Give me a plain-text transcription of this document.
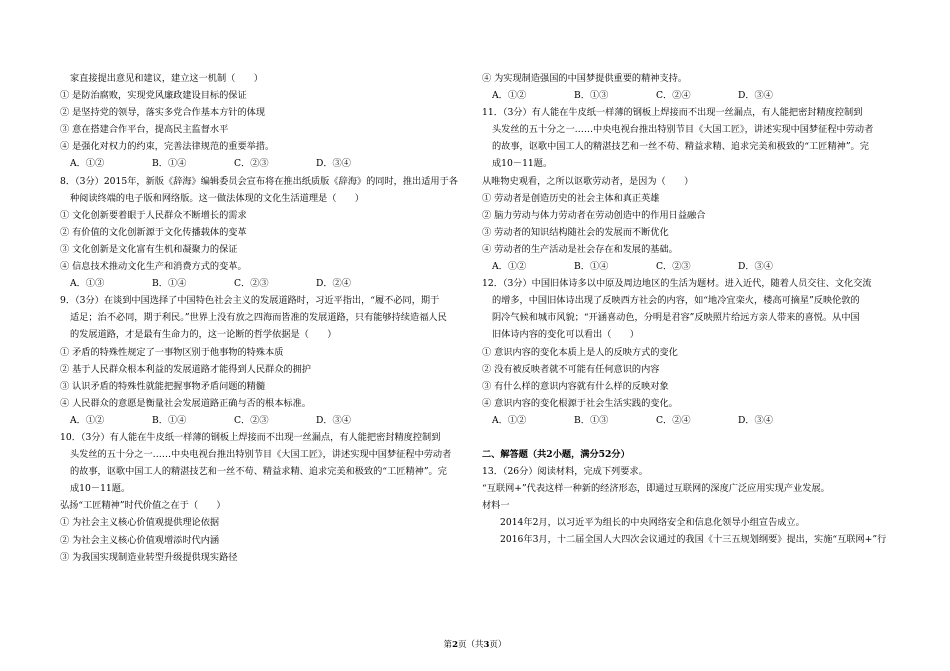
家直接提出意见和建议，建立这一机制（　　）
① 是防治腐败，实现党风廉政建设目标的保证
② 是坚持党的领导，落实多党合作基本方针的体现
③ 意在搭建合作平台，提高民主监督水平
④ 是强化对权力的约束，完善法律规范的重要举措。
A．①②	B．①④	C．②③	D．③④
8．（3分）2015年，新版《辞海》编辑委员会宣布将在推出纸质版《辞海》的同时，推出适用于各
种阅读终端的电子版和网络版。这一做法体现的文化生活道理是（　　）
① 文化创新要着眼于人民群众不断增长的需求
② 有价值的文化创新源于文化传播载体的变革
③ 文化创新是文化富有生机和凝聚力的保证
④ 信息技术推动文化生产和消费方式的变革。
A．①③	B．①④	C．②③	D．②④
9．（3分）在谈到中国选择了中国特色社会主义的发展道路时，习近平指出，“履不必同，期于
适足；治不必同，期于利民。”世界上没有放之四海而皆准的发展道路，只有能够持续造福人民
的发展道路，才是最有生命力的，这一论断的哲学依据是（　　）
① 矛盾的特殊性规定了一事物区别于他事物的特殊本质
② 基于人民群众根本利益的发展道路才能得到人民群众的拥护
③ 认识矛盾的特殊性就能把握事物矛盾问题的精髓
④ 人民群众的意愿是衡量社会发展道路正确与否的根本标准。
A．①②	B．①④	C．②③	D．③④
10．（3分）有人能在牛皮纸一样薄的钢板上焊接而不出现一丝漏点，有人能把密封精度控制到
头发丝的五十分之一……中央电视台推出特别节目《大国工匠》，讲述实现中国梦征程中劳动者
的故事，讴歌中国工人的精湛技艺和一丝不苟、精益求精、追求完美和极致的“工匠精神”。完
成10－11题。
弘扬“工匠精神”时代价值之在于（　　）
① 为社会主义核心价值观提供理论依据
② 为社会主义核心价值观增添时代内涵
③ 为我国实现制造业转型升级提供现实路径
④ 为实现制造强国的中国梦提供重要的精神支持。
A．①②	B．①③	C．②④	D．③④
11．（3分）有人能在牛皮纸一样薄的钢板上焊接而不出现一丝漏点，有人能把密封精度控制到
头发丝的五十分之一……中央电视台推出特别节目《大国工匠》，讲述实现中国梦征程中劳动者
的故事，讴歌中国工人的精湛技艺和一丝不苟、精益求精、追求完美和极致的“工匠精神”。完
成10－11题。
从唯物史观看，之所以讴歌劳动者，是因为（　　）
① 劳动者是创造历史的社会主体和真正英雄
② 脑力劳动与体力劳动者在劳动创造中的作用日益融合
③ 劳动者的知识结构随社会的发展而不断优化
④ 劳动者的生产活动是社会存在和发展的基础。
A．①②	B．①④	C．②③	D．③④
12．（3分）中国旧体诗多以中原及周边地区的生活为题材。进入近代，随着人员交往、文化交流
的增多，中国旧体诗出现了反映西方社会的内容，如“地冷宜栾火，楼高可摘星”反映伦敦的
阴冷气候和城市风貌；“开涵喜动色，分明是君容”反映照片给远方亲人带来的喜悦。从中国
旧体诗内容的变化可以看出（　　）
① 意识内容的变化本质上是人的反映方式的变化
② 没有被反映者就不可能有任何意识的内容
③ 有什么样的意识内容就有什么样的反映对象
④ 意识内容的变化根源于社会生活实践的变化。
A．①②	B．①③	C．②④	D．③④
二、解答题（共2小题，满分52分）
13．（26分）阅读材料，完成下列要求。
“互联网+”代表这样一种新的经济形态，即通过互联网的深度广泛应用实现产业发展。
材料一
2014年2月，以习近平为组长的中央网络安全和信息化领导小组宣告成立。
2016年3月，十二届全国人大四次会议通过的我国《十三五规划纲要》提出，实施“互联网+”行
第2页（共3页）
